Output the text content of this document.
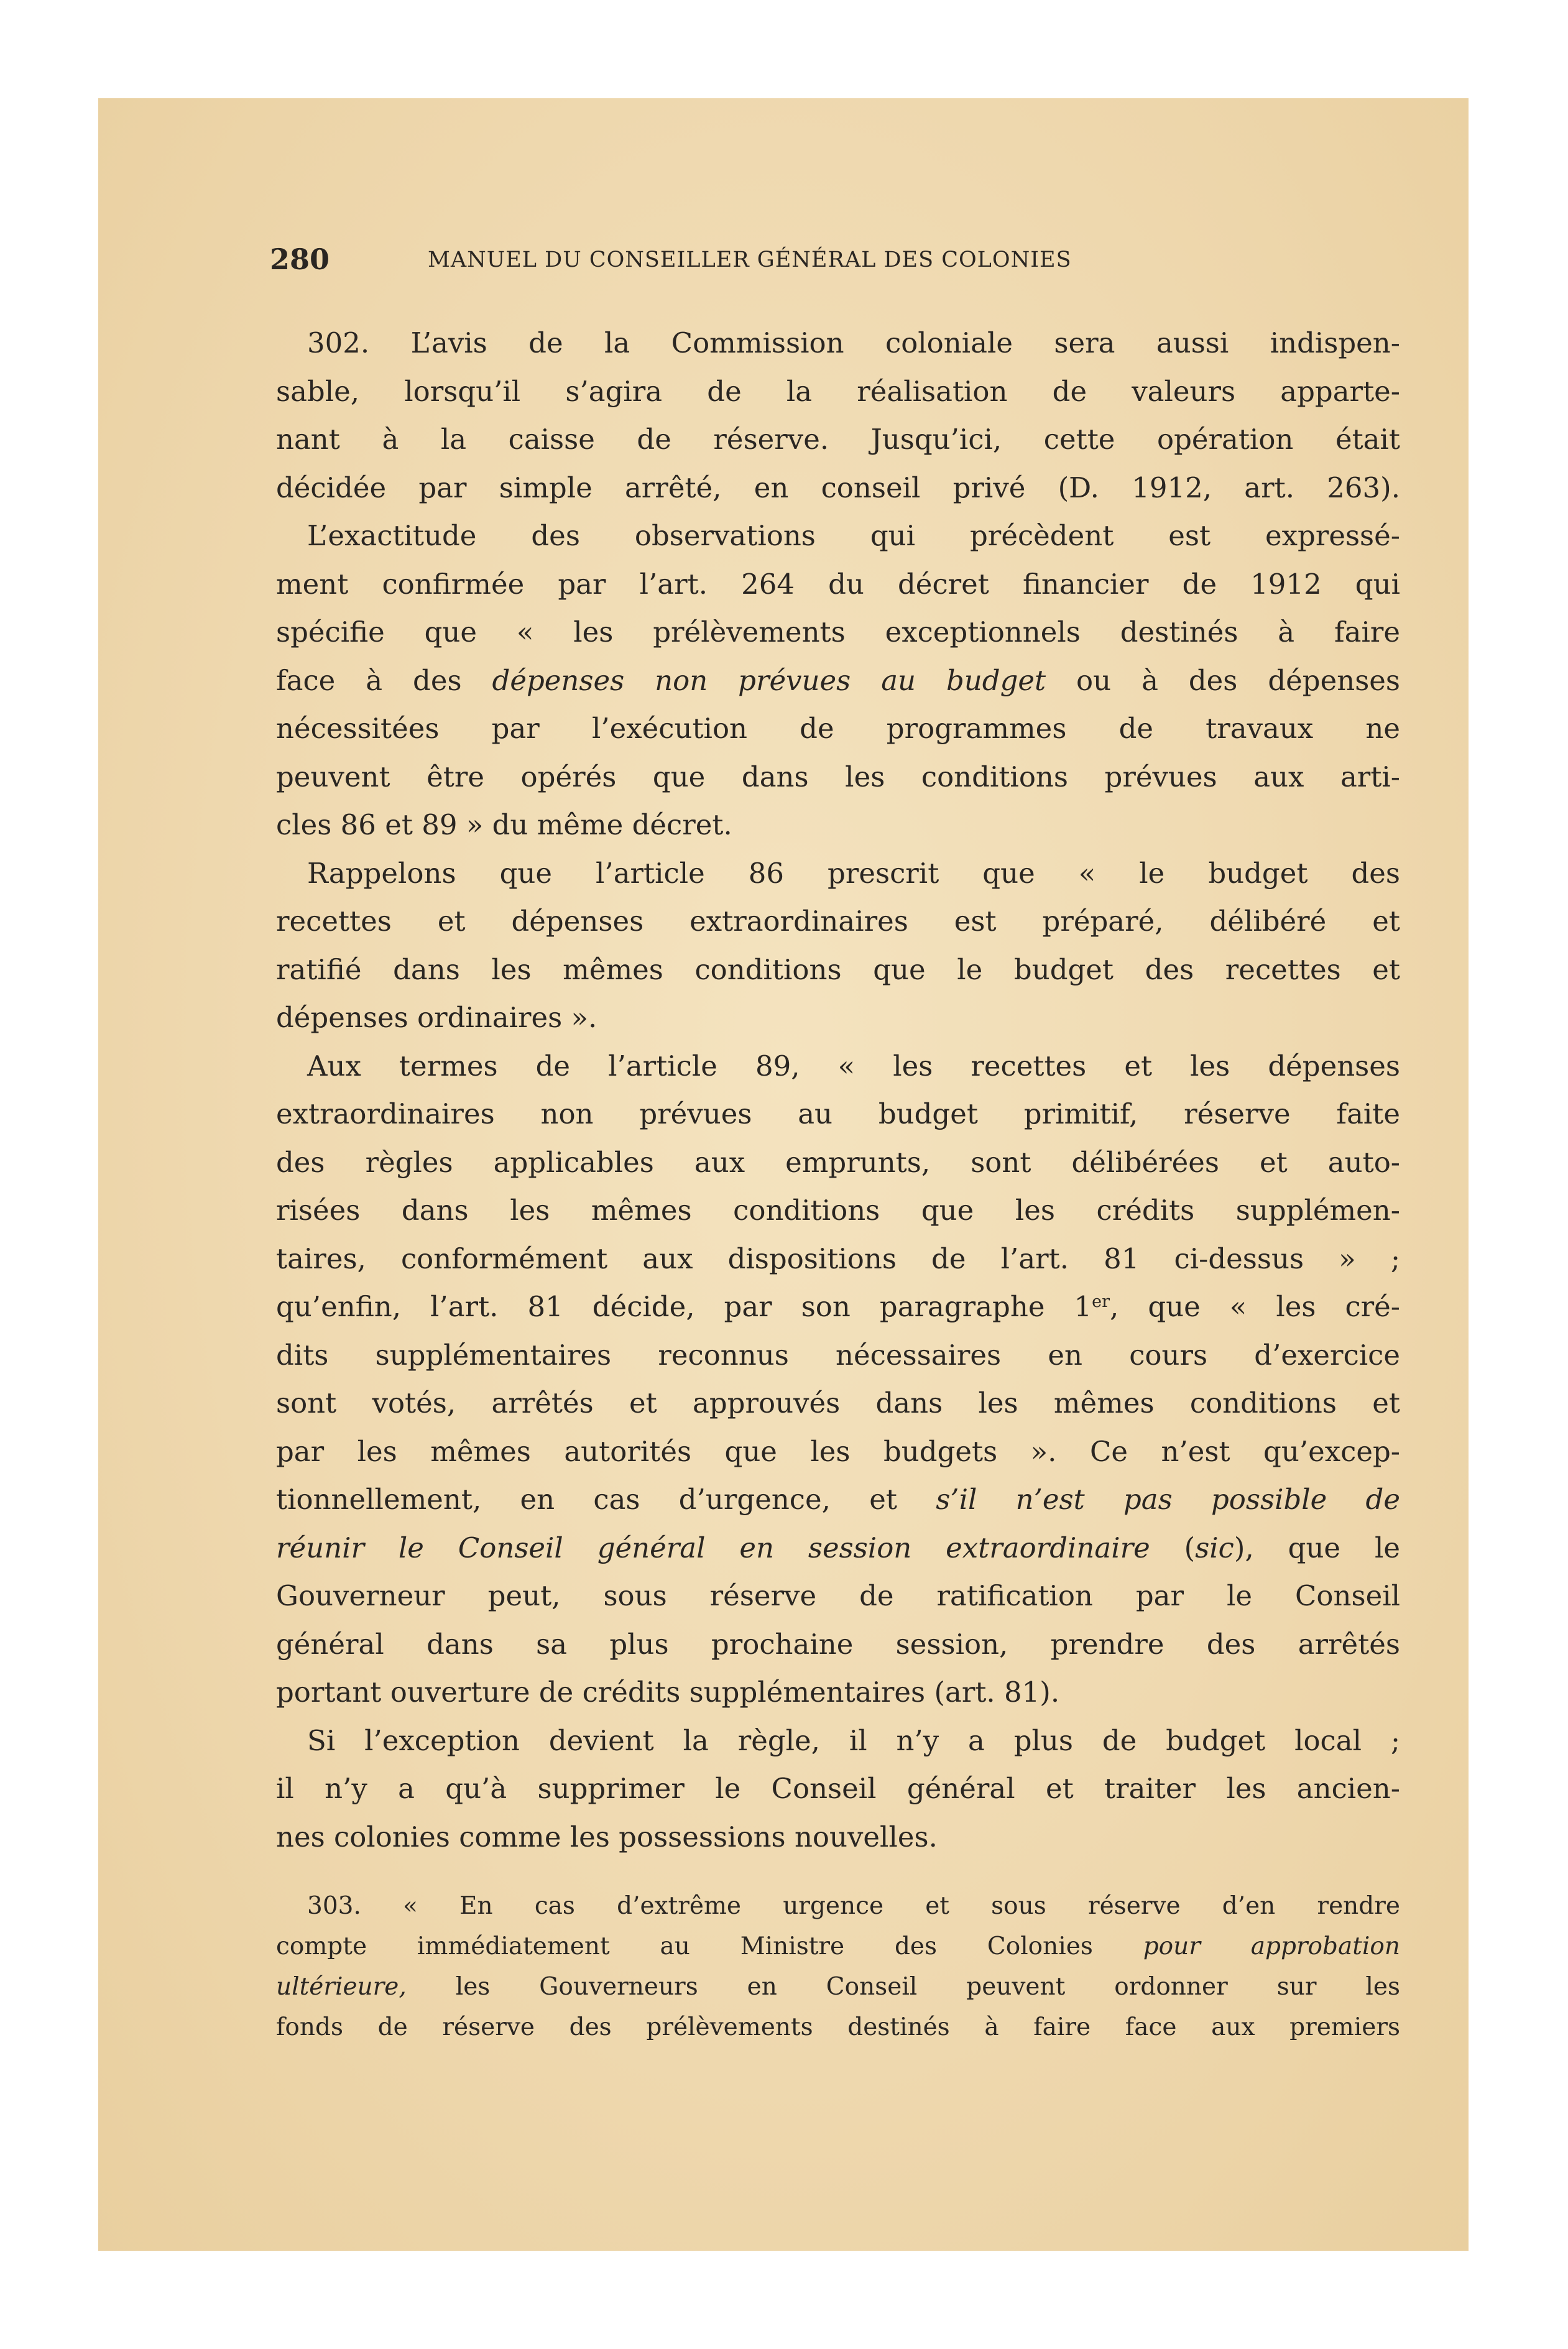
280	MANUEL DU CONSEILLER GÉNÉRAL DES COLONIES
302. L’avis de la Commission coloniale sera aussi indispen-
sable, lorsqu’il s’agira de la réalisation de valeurs apparte-
nant à la caisse de réserve. Jusqu’ici, cette opération était
décidée par simple arrêté, en conseil privé (D. 1912, art. 263).
L’exactitude des observations qui précèdent est expressé-
ment confirmée par l’art. 264 du décret financier de 1912 qui
spécifie que « les prélèvements exceptionnels destinés à faire
face à des dépenses non prévues au budget ou à des dépenses
nécessitées par l’exécution de programmes de travaux ne
peuvent être opérés que dans les conditions prévues aux arti-
cles 86 et 89 » du même décret.
Rappelons que l’article 86 prescrit que « le budget des
recettes et dépenses extraordinaires est préparé, délibéré et
ratifié dans les mêmes conditions que le budget des recettes et
dépenses ordinaires ».
Aux termes de l’article 89, « les recettes et les dépenses
extraordinaires non prévues au budget primitif, réserve faite
des règles applicables aux emprunts, sont délibérées et auto-
risées dans les mêmes conditions que les crédits supplémen-
taires, conformément aux dispositions de l’art. 81 ci-dessus » ;
qu’enfin, l’art. 81 décide, par son paragraphe 1er, que « les cré-
dits supplémentaires reconnus nécessaires en cours d’exercice
sont votés, arrêtés et approuvés dans les mêmes conditions et
par les mêmes autorités que les budgets ». Ce n’est qu’excep-
tionnellement, en cas d’urgence, et s’il n’est pas possible de
réunir le Conseil général en session extraordinaire (sic), que le
Gouverneur peut, sous réserve de ratification par le Conseil
général dans sa plus prochaine session, prendre des arrêtés
portant ouverture de crédits supplémentaires (art. 81).
Si l’exception devient la règle, il n’y a plus de budget local ;
il n’y a qu’à supprimer le Conseil général et traiter les ancien-
nes colonies comme les possessions nouvelles.
303. « En cas d’extrême urgence et sous réserve d’en rendre
compte immédiatement au Ministre des Colonies pour approbation
ultérieure, les Gouverneurs en Conseil peuvent ordonner sur les
fonds de réserve des prélèvements destinés à faire face aux premiers
